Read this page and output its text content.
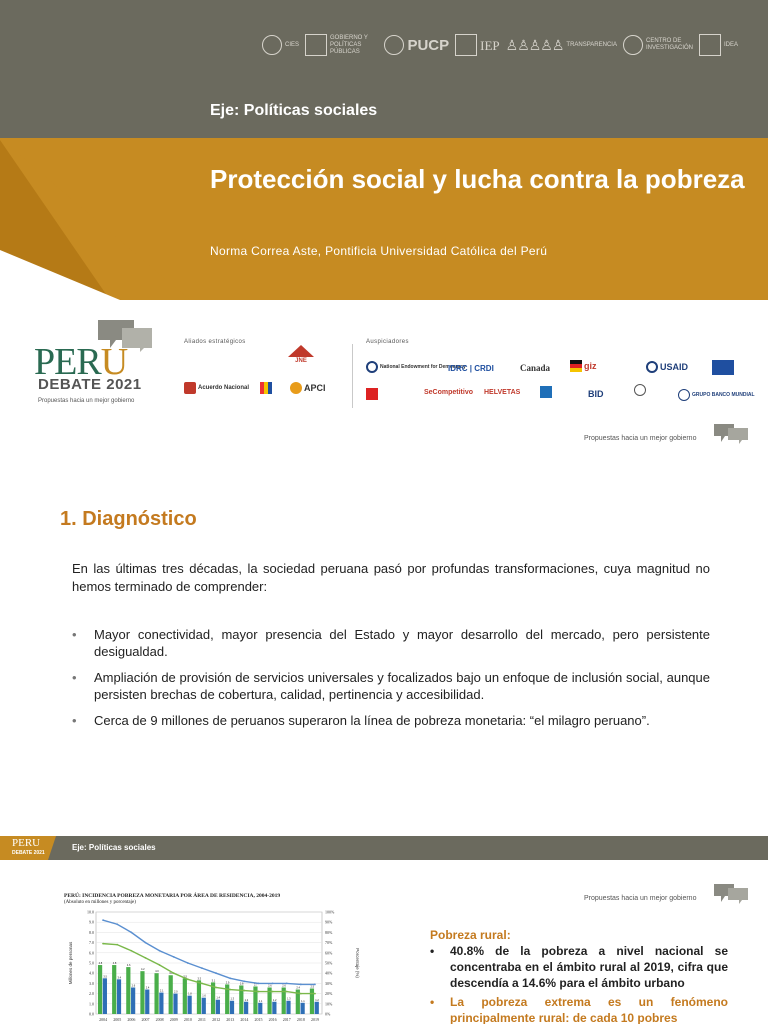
CIES
GOBIERNO Y POLÍTICAS PÚBLICAS	PUCP IEP ♙♙♙♙♙ TRANSPARENCIA
CENTRO DE INVESTIGACIÓN
IDEA
Eje: Políticas sociales
Protección social y lucha contra la pobreza
Norma Correa Aste, Pontificia Universidad Católica del Perú
PERU
DEBATE 2021
Propuestas hacia un mejor gobierno
Aliados estratégicos	Auspiciadores
JNE
Acuerdo Nacional	APCI
National Endowment for Democracy
IDRC | CRDI	Canada	giz	USAID
SeCompetitivo HELVETAS	BID	GRUPO BANCO MUNDIAL
Propuestas hacia un mejor gobierno
1. Diagnóstico

En las últimas tres décadas, la sociedad peruana pasó por profundas transformaciones, cuya magnitud no hemos terminado de comprender:

• Mayor conectividad, mayor presencia del Estado y mayor desarrollo del mercado, pero persistente desigualdad.
• Ampliación de provisión de servicios universales y focalizados bajo un enfoque de inclusión social, aunque persisten brechas de cobertura, calidad, pertinencia y accesibilidad.
• Cerca de 9 millones de peruanos superaron la línea de pobreza monetaria: “el milagro peruano”.
PERU
DEBATE 2021
Eje: Políticas sociales
Propuestas hacia un mejor gobierno
PERÚ: INCIDENCIA POBREZA MONETARIA POR ÁREA DE RESIDENCIA, 2004-2019
(Absoluto en millones y porcentaje)
0.0
1.0
2.0
3.0
4.0
5.0
6.0
7.0
8.0
9.0
10.0
0%
10%
20%
30%
40%
50%
60%
70%
80%
90%
100%
4.8	4.8
4.6
4.2
4.0
3.8
3.5
3.3
3.1
2.9	2.8	2.7	2.6	2.6
2.4	2.5
3.5	3.4
2.6
2.4
2.1	2.0
1.8
1.6
1.4	1.3	1.2	1.1	1.2	1.3
1.1	1.2
2004 2005 2006 2007 2008 2009 2010 2011 2012 2013 2014 2015 2016 2017 2018 2019
Millones de personas	Porcentaje (%)
Pobreza rural:
• 40.8% de la pobreza a nivel nacional se concentraba en el ámbito rural al 2019, cifra que descendía a 14.6% para el ámbito urbano
• La pobreza extrema es un fenómeno principalmente rural: de cada 10 pobres
